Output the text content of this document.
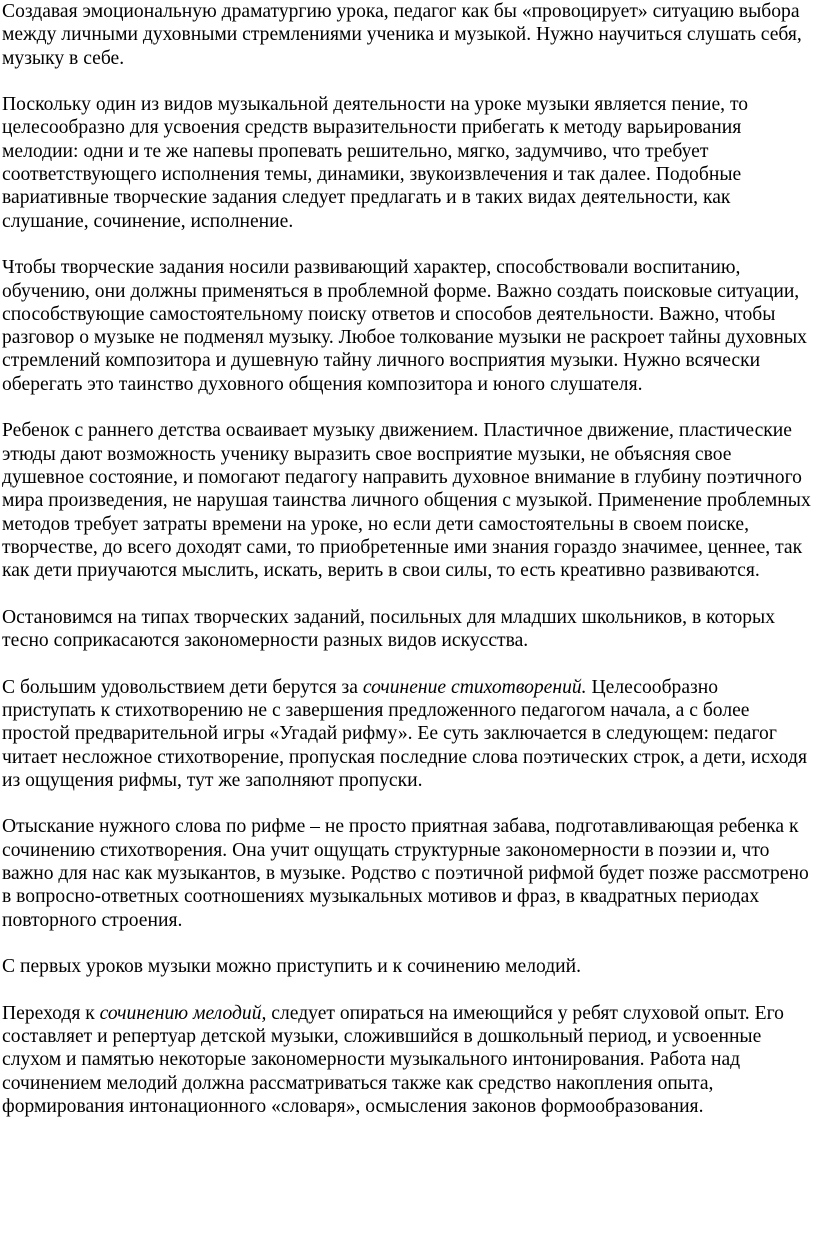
Создавая эмоциональную драматургию урока, педагог как бы «провоцирует» ситуацию выбора между личными духовными стремлениями ученика и музыкой. Нужно научиться слушать себя, музыку в себе.

Поскольку один из видов музыкальной деятельности на уроке музыки является пение, то целесообразно для усвоения средств выразительности прибегать к методу варьирования мелодии: одни и те же напевы пропевать решительно, мягко, задумчиво, что требует соответствующего исполнения темы, динамики, звукоизвлечения и так далее. Подобные вариативные творческие задания следует предлагать и в таких видах деятельности, как слушание, сочинение, исполнение.

Чтобы творческие задания носили развивающий характер, способствовали воспитанию, обучению, они должны применяться в проблемной форме. Важно создать поисковые ситуации, способствующие самостоятельному поиску ответов и способов деятельности. Важно, чтобы разговор о музыке не подменял музыку. Любое толкование музыки не раскроет тайны духовных стремлений композитора и душевную тайну личного восприятия музыки. Нужно всячески оберегать это таинство духовного общения композитора и юного слушателя.

Ребенок с раннего детства осваивает музыку движением. Пластичное движение, пластические этюды дают возможность ученику выразить свое восприятие музыки, не объясняя свое душевное состояние, и помогают педагогу направить духовное внимание в глубину поэтичного мира произведения, не нарушая таинства личного общения с музыкой. Применение проблемных методов требует затраты времени на уроке, но если дети самостоятельны в своем поиске, творчестве, до всего доходят сами, то приобретенные ими знания гораздо значимее, ценнее, так как дети приучаются мыслить, искать, верить в свои силы, то есть креативно развиваются.

Остановимся на типах творческих заданий, посильных для младших школьников, в которых тесно соприкасаются закономерности разных видов искусства.

С большим удовольствием дети берутся за сочинение стихотворений. Целесообразно приступать к стихотворению не с завершения предложенного педагогом начала, а с более простой предварительной игры «Угадай рифму». Ее суть заключается в следующем: педагог читает несложное стихотворение, пропуская последние слова поэтических строк, а дети, исходя из ощущения рифмы, тут же заполняют пропуски.

Отыскание нужного слова по рифме – не просто приятная забава, подготавливающая ребенка к сочинению стихотворения. Она учит ощущать структурные закономерности в поэзии и, что важно для нас как музыкантов, в музыке. Родство с поэтичной рифмой будет позже рассмотрено в вопросно-ответных соотношениях музыкальных мотивов и фраз, в квадратных периодах повторного строения.

С первых уроков музыки можно приступить и к сочинению мелодий.

Переходя к сочинению мелодий, следует опираться на имеющийся у ребят слуховой опыт. Его составляет и репертуар детской музыки, сложившийся в дошкольный период, и усвоенные слухом и памятью некоторые закономерности музыкального интонирования. Работа над сочинением мелодий должна рассматриваться также как средство накопления опыта, формирования интонационного «словаря», осмысления законов формообразования.
